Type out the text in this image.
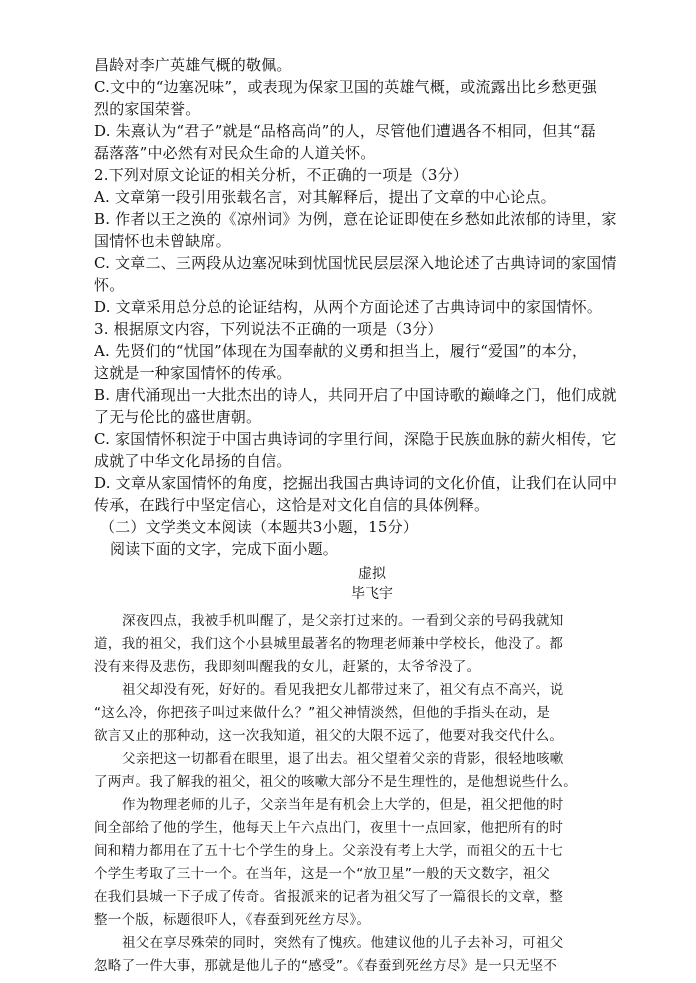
昌龄对李广英雄气概的敬佩。
C.文中的“边塞况味”，或表现为保家卫国的英雄气概，或流露出比乡愁更强
烈的家国荣誉。
D. 朱熹认为“君子”就是“品格高尚”的人，尽管他们遭遇各不相同，但其“磊
磊落落”中必然有对民众生命的人道关怀。
2.下列对原文论证的相关分析，不正确的一项是（3分）
A. 文章第一段引用张载名言，对其解释后，提出了文章的中心论点。
B. 作者以王之涣的《凉州词》为例，意在论证即使在乡愁如此浓郁的诗里，家
国情怀也未曾缺席。
C. 文章二、三两段从边塞况味到忧国忧民层层深入地论述了古典诗词的家国情
怀。
D. 文章采用总分总的论证结构，从两个方面论述了古典诗词中的家国情怀。
3. 根据原文内容，下列说法不正确的一项是（3分）
A. 先贤们的“忧国”体现在为国奉献的义勇和担当上，履行“爱国”的本分，
这就是一种家国情怀的传承。
B. 唐代涌现出一大批杰出的诗人，共同开启了中国诗歌的巅峰之门，他们成就
了无与伦比的盛世唐朝。
C. 家国情怀积淀于中国古典诗词的字里行间，深隐于民族血脉的薪火相传，它
成就了中华文化昂扬的自信。
D. 文章从家国情怀的角度，挖掘出我国古典诗词的文化价值，让我们在认同中
传承，在践行中坚定信心，这恰是对文化自信的具体例释。
（二）文学类文本阅读（本题共3小题，15分）
阅读下面的文字，完成下面小题。
虚拟
毕飞宇
深夜四点，我被手机叫醒了，是父亲打过来的。一看到父亲的号码我就知
道，我的祖父，我们这个小县城里最著名的物理老师兼中学校长，他没了。都
没有来得及悲伤，我即刻叫醒我的女儿，赶紧的，太爷爷没了。
祖父却没有死，好好的。看见我把女儿都带过来了，祖父有点不高兴，说
“这么冷，你把孩子叫过来做什么？”祖父神情淡然，但他的手指头在动，是
欲言又止的那种动，这一次我知道，祖父的大限不远了，他要对我交代什么。
父亲把这一切都看在眼里，退了出去。祖父望着父亲的背影，很轻地咳嗽
了两声。我了解我的祖父，祖父的咳嗽大部分不是生理性的，是他想说些什么。
作为物理老师的儿子，父亲当年是有机会上大学的，但是，祖父把他的时
间全部给了他的学生，他每天上午六点出门，夜里十一点回家，他把所有的时
间和精力都用在了五十七个学生的身上。父亲没有考上大学，而祖父的五十七
个学生考取了三十一个。在当年，这是一个“放卫星”一般的天文数字，祖父
在我们县城一下子成了传奇。省报派来的记者为祖父写了一篇很长的文章，整
整一个版，标题很吓人，《春蚕到死丝方尽》。
祖父在享尽殊荣的同时，突然有了愧疚。他建议他的儿子去补习，可祖父
忽略了一件大事，那就是他儿子的“感受”。《春蚕到死丝方尽》是一只无坚不
